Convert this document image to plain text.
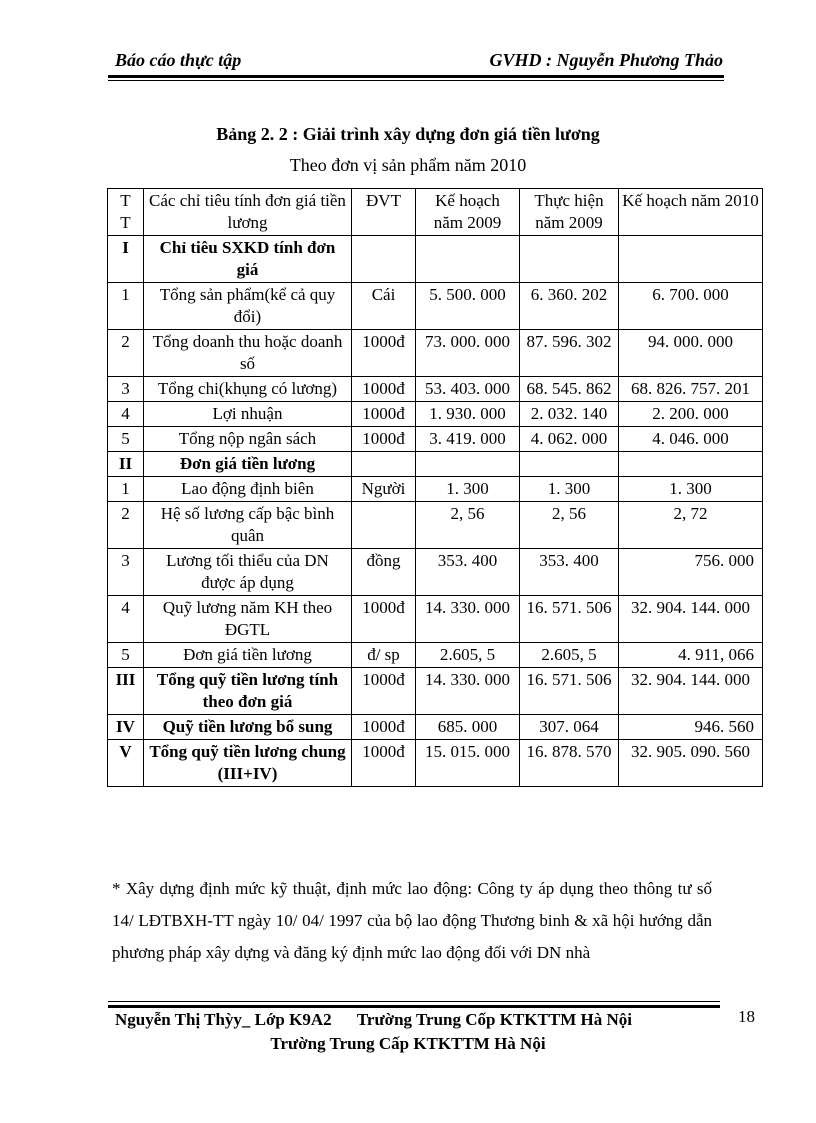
Báo cáo thực tập	GVHD : Nguyễn Phương Thảo
Bảng 2. 2 : Giải trình xây dựng đơn giá tiền lương
Theo đơn vị sản phẩm năm 2010
T T	Các chỉ tiêu tính đơn giá tiền lương	ĐVT	Kế hoạch năm 2009	Thực hiện năm 2009	Kế hoạch năm 2010
I	Chỉ tiêu SXKD tính đơn giá				
1	Tổng sản phẩm(kể cả quy đổi)	Cái	5. 500. 000	6. 360. 202	6. 700. 000
2	Tổng doanh thu hoặc doanh số	1000đ	73. 000. 000	87. 596. 302	94. 000. 000
3	Tổng chi(khụng có lương)	1000đ	53. 403. 000	68. 545. 862	68. 826. 757. 201
4	Lợi nhuận	1000đ	1. 930. 000	2. 032. 140	2. 200. 000
5	Tổng nộp ngân sách	1000đ	3. 419. 000	4. 062. 000	4. 046. 000
II	Đơn giá tiền lương				
1	Lao động định biên	Người	1. 300	1. 300	1. 300
2	Hệ số lương cấp bậc bình quân		2, 56	2, 56	2, 72
3	Lương tối thiểu của DN được áp dụng	đồng	353. 400	353. 400	756. 000
4	Quỹ lương năm KH theo ĐGTL	1000đ	14. 330. 000	16. 571. 506	32. 904. 144. 000
5	Đơn giá tiền lương	đ/ sp	2.605, 5	2.605, 5	4. 911, 066
III	Tổng quỹ tiền lương tính theo đơn giá	1000đ	14. 330. 000	16. 571. 506	32. 904. 144. 000
IV	Quỹ tiền lương bổ sung	1000đ	685. 000	307. 064	946. 560
V	Tổng quỹ tiền lương chung (III+IV)	1000đ	15. 015. 000	16. 878. 570	32. 905. 090. 560
* Xây dựng định mức kỹ thuật, định mức lao động: Công ty áp dụng theo thông tư số 14/ LĐTBXH-TT ngày 10/ 04/ 1997 của bộ lao động Thương binh & xã hội hướng dẫn phương pháp xây dựng và đăng ký định mức lao động đối với DN nhà
Nguyễn Thị Thỳy_ Lớp K9A2      Trường Trung Cốp KTKTTM Hà Nội
Trường Trung Cấp KTKTTM Hà Nội
18
